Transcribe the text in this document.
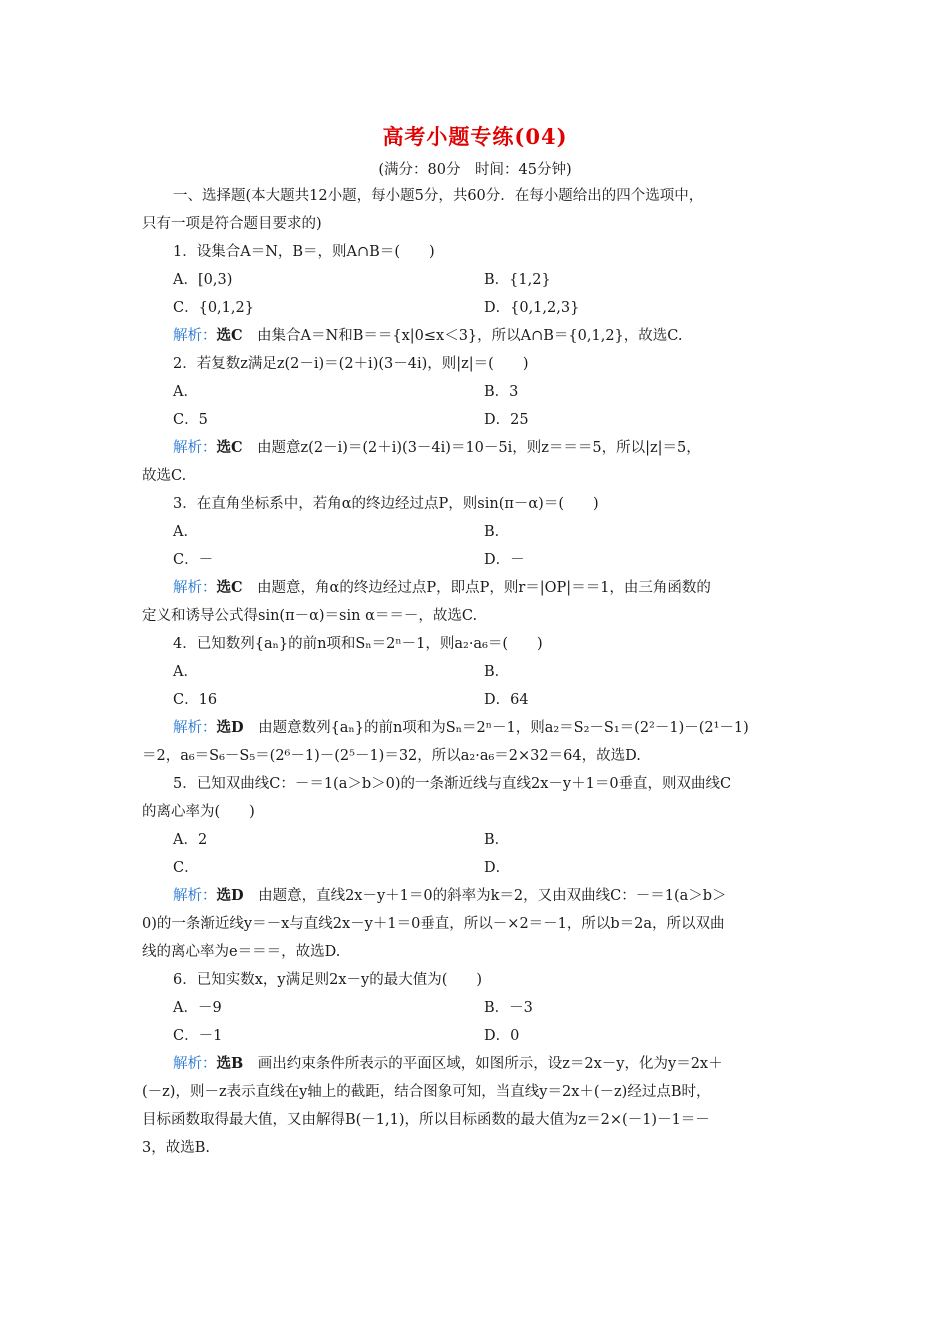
高考小题专练(04)
(满分：80分　时间：45分钟)
一、选择题(本大题共12小题，每小题5分，共60分．在每小题给出的四个选项中，
只有一项是符合题目要求的)
1．设集合A＝N，B＝，则A∩B＝(　　)
A．[0,3)	B．{1,2}
C．{0,1,2}	D．{0,1,2,3}
解析：选C　由集合A＝N和B＝＝{x|0≤x＜3}，所以A∩B＝{0,1,2}，故选C.
2．若复数z满足z(2－i)＝(2＋i)(3－4i)，则|z|＝(　　)
A．	B．3
C．5	D．25
解析：选C　由题意z(2－i)＝(2＋i)(3－4i)＝10－5i，则z＝＝＝5，所以|z|＝5，
故选C.
3．在直角坐标系中，若角α的终边经过点P，则sin(π－α)＝(　　)
A．	B．
C．－	D．－
解析：选C　由题意，角α的终边经过点P，即点P，则r＝|OP|＝＝1，由三角函数的
定义和诱导公式得sin(π－α)＝sin α＝＝－，故选C.
4．已知数列{aₙ}的前n项和Sₙ＝2ⁿ－1，则a₂·a₆＝(　　)
A．	B．
C．16	D．64
解析：选D　由题意数列{aₙ}的前n项和为Sₙ＝2ⁿ－1，则a₂＝S₂－S₁＝(2²－1)－(2¹－1)
＝2，a₆＝S₆－S₅＝(2⁶－1)－(2⁵－1)＝32，所以a₂·a₆＝2×32＝64，故选D.
5．已知双曲线C：－＝1(a＞b＞0)的一条渐近线与直线2x－y＋1＝0垂直，则双曲线C
的离心率为(　　)
A．2	B．
C．	D．
解析：选D　由题意，直线2x－y＋1＝0的斜率为k＝2，又由双曲线C：－＝1(a＞b＞
0)的一条渐近线y＝－x与直线2x－y＋1＝0垂直，所以－×2＝－1，所以b＝2a，所以双曲
线的离心率为e＝＝＝，故选D.
6．已知实数x，y满足则2x－y的最大值为(　　)
A．－9	B．－3
C．－1	D．0
解析：选B　画出约束条件所表示的平面区域，如图所示，设z＝2x－y，化为y＝2x＋
(－z)，则－z表示直线在y轴上的截距，结合图象可知，当直线y＝2x＋(－z)经过点B时，
目标函数取得最大值，又由解得B(－1,1)，所以目标函数的最大值为z＝2×(－1)－1＝－
3，故选B.
